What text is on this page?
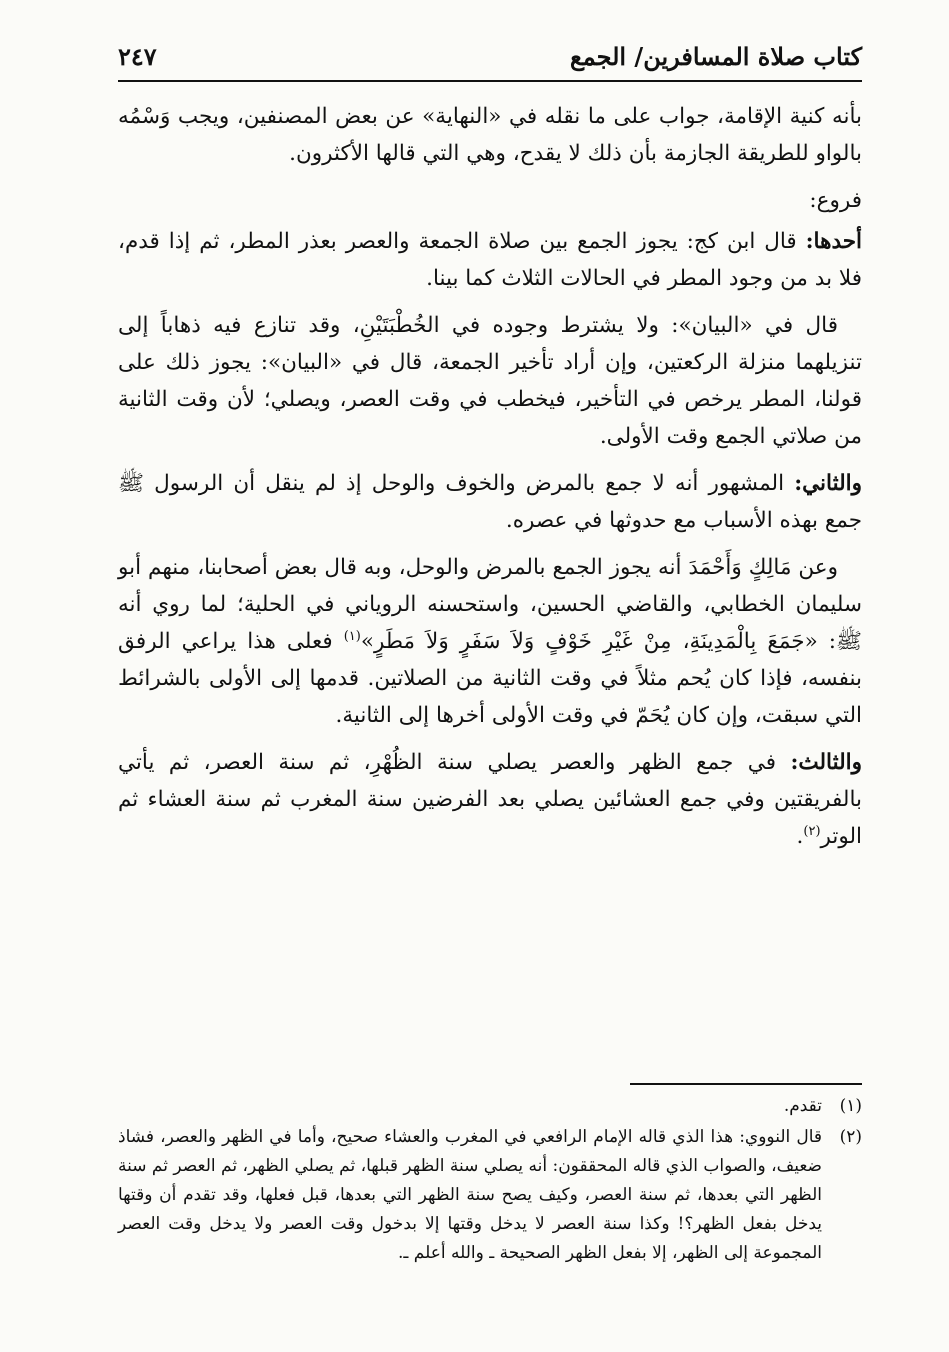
كتاب صلاة المسافرين/ الجمع
٢٤٧

بأنه كنية الإقامة، جواب على ما نقله في «النهاية» عن بعض المصنفين، ويجب وَسْمُه بالواو للطريقة الجازمة بأن ذلك لا يقدح، وهي التي قالها الأكثرون.

فروع:

أحدها: قال ابن كج: يجوز الجمع بين صلاة الجمعة والعصر بعذر المطر، ثم إذا قدم، فلا بد من وجود المطر في الحالات الثلاث كما بينا.

قال في «البيان»: ولا يشترط وجوده في الخُطْبَتَيْنِ، وقد تنازع فيه ذهاباً إلى تنزيلهما منزلة الركعتين، وإن أراد تأخير الجمعة، قال في «البيان»: يجوز ذلك على قولنا، المطر يرخص في التأخير، فيخطب في وقت العصر، ويصلي؛ لأن وقت الثانية من صلاتي الجمع وقت الأولى.

والثاني: المشهور أنه لا جمع بالمرض والخوف والوحل إذ لم ينقل أن الرسول ﷺ جمع بهذه الأسباب مع حدوثها في عصره.

وعن مَالِكٍ وَأَحْمَدَ أنه يجوز الجمع بالمرض والوحل، وبه قال بعض أصحابنا، منهم أبو سليمان الخطابي، والقاضي الحسين، واستحسنه الروياني في الحلية؛ لما روي أنه ﷺ: «جَمَعَ بِالْمَدِينَةِ، مِنْ غَيْرِ خَوْفٍ وَلاَ سَفَرٍ وَلاَ مَطَرٍ»$^{(١)}$ فعلى هذا يراعي الرفق بنفسه، فإذا كان يُحم مثلاً في وقت الثانية من الصلاتين. قدمها إلى الأولى بالشرائط التي سبقت، وإن كان يُحَمّ في وقت الأولى أخرها إلى الثانية.

والثالث: في جمع الظهر والعصر يصلي سنة الظُهْرِ، ثم سنة العصر، ثم يأتي بالفريقتين وفي جمع العشائين يصلي بعد الفرضين سنة المغرب ثم سنة العشاء ثم الوتر$^{(٢)}$.

(١)
تقدم.
(٢)
قال النووي: هذا الذي قاله الإمام الرافعي في المغرب والعشاء صحيح، وأما في الظهر والعصر، فشاذ ضعيف، والصواب الذي قاله المحققون: أنه يصلي سنة الظهر قبلها، ثم يصلي الظهر، ثم العصر ثم سنة الظهر التي بعدها، ثم سنة العصر، وكيف يصح سنة الظهر التي بعدها، قبل فعلها، وقد تقدم أن وقتها يدخل بفعل الظهر؟! وكذا سنة العصر لا يدخل وقتها إلا بدخول وقت العصر ولا يدخل وقت العصر المجموعة إلى الظهر، إلا بفعل الظهر الصحيحة ـ والله أعلم ـ.
